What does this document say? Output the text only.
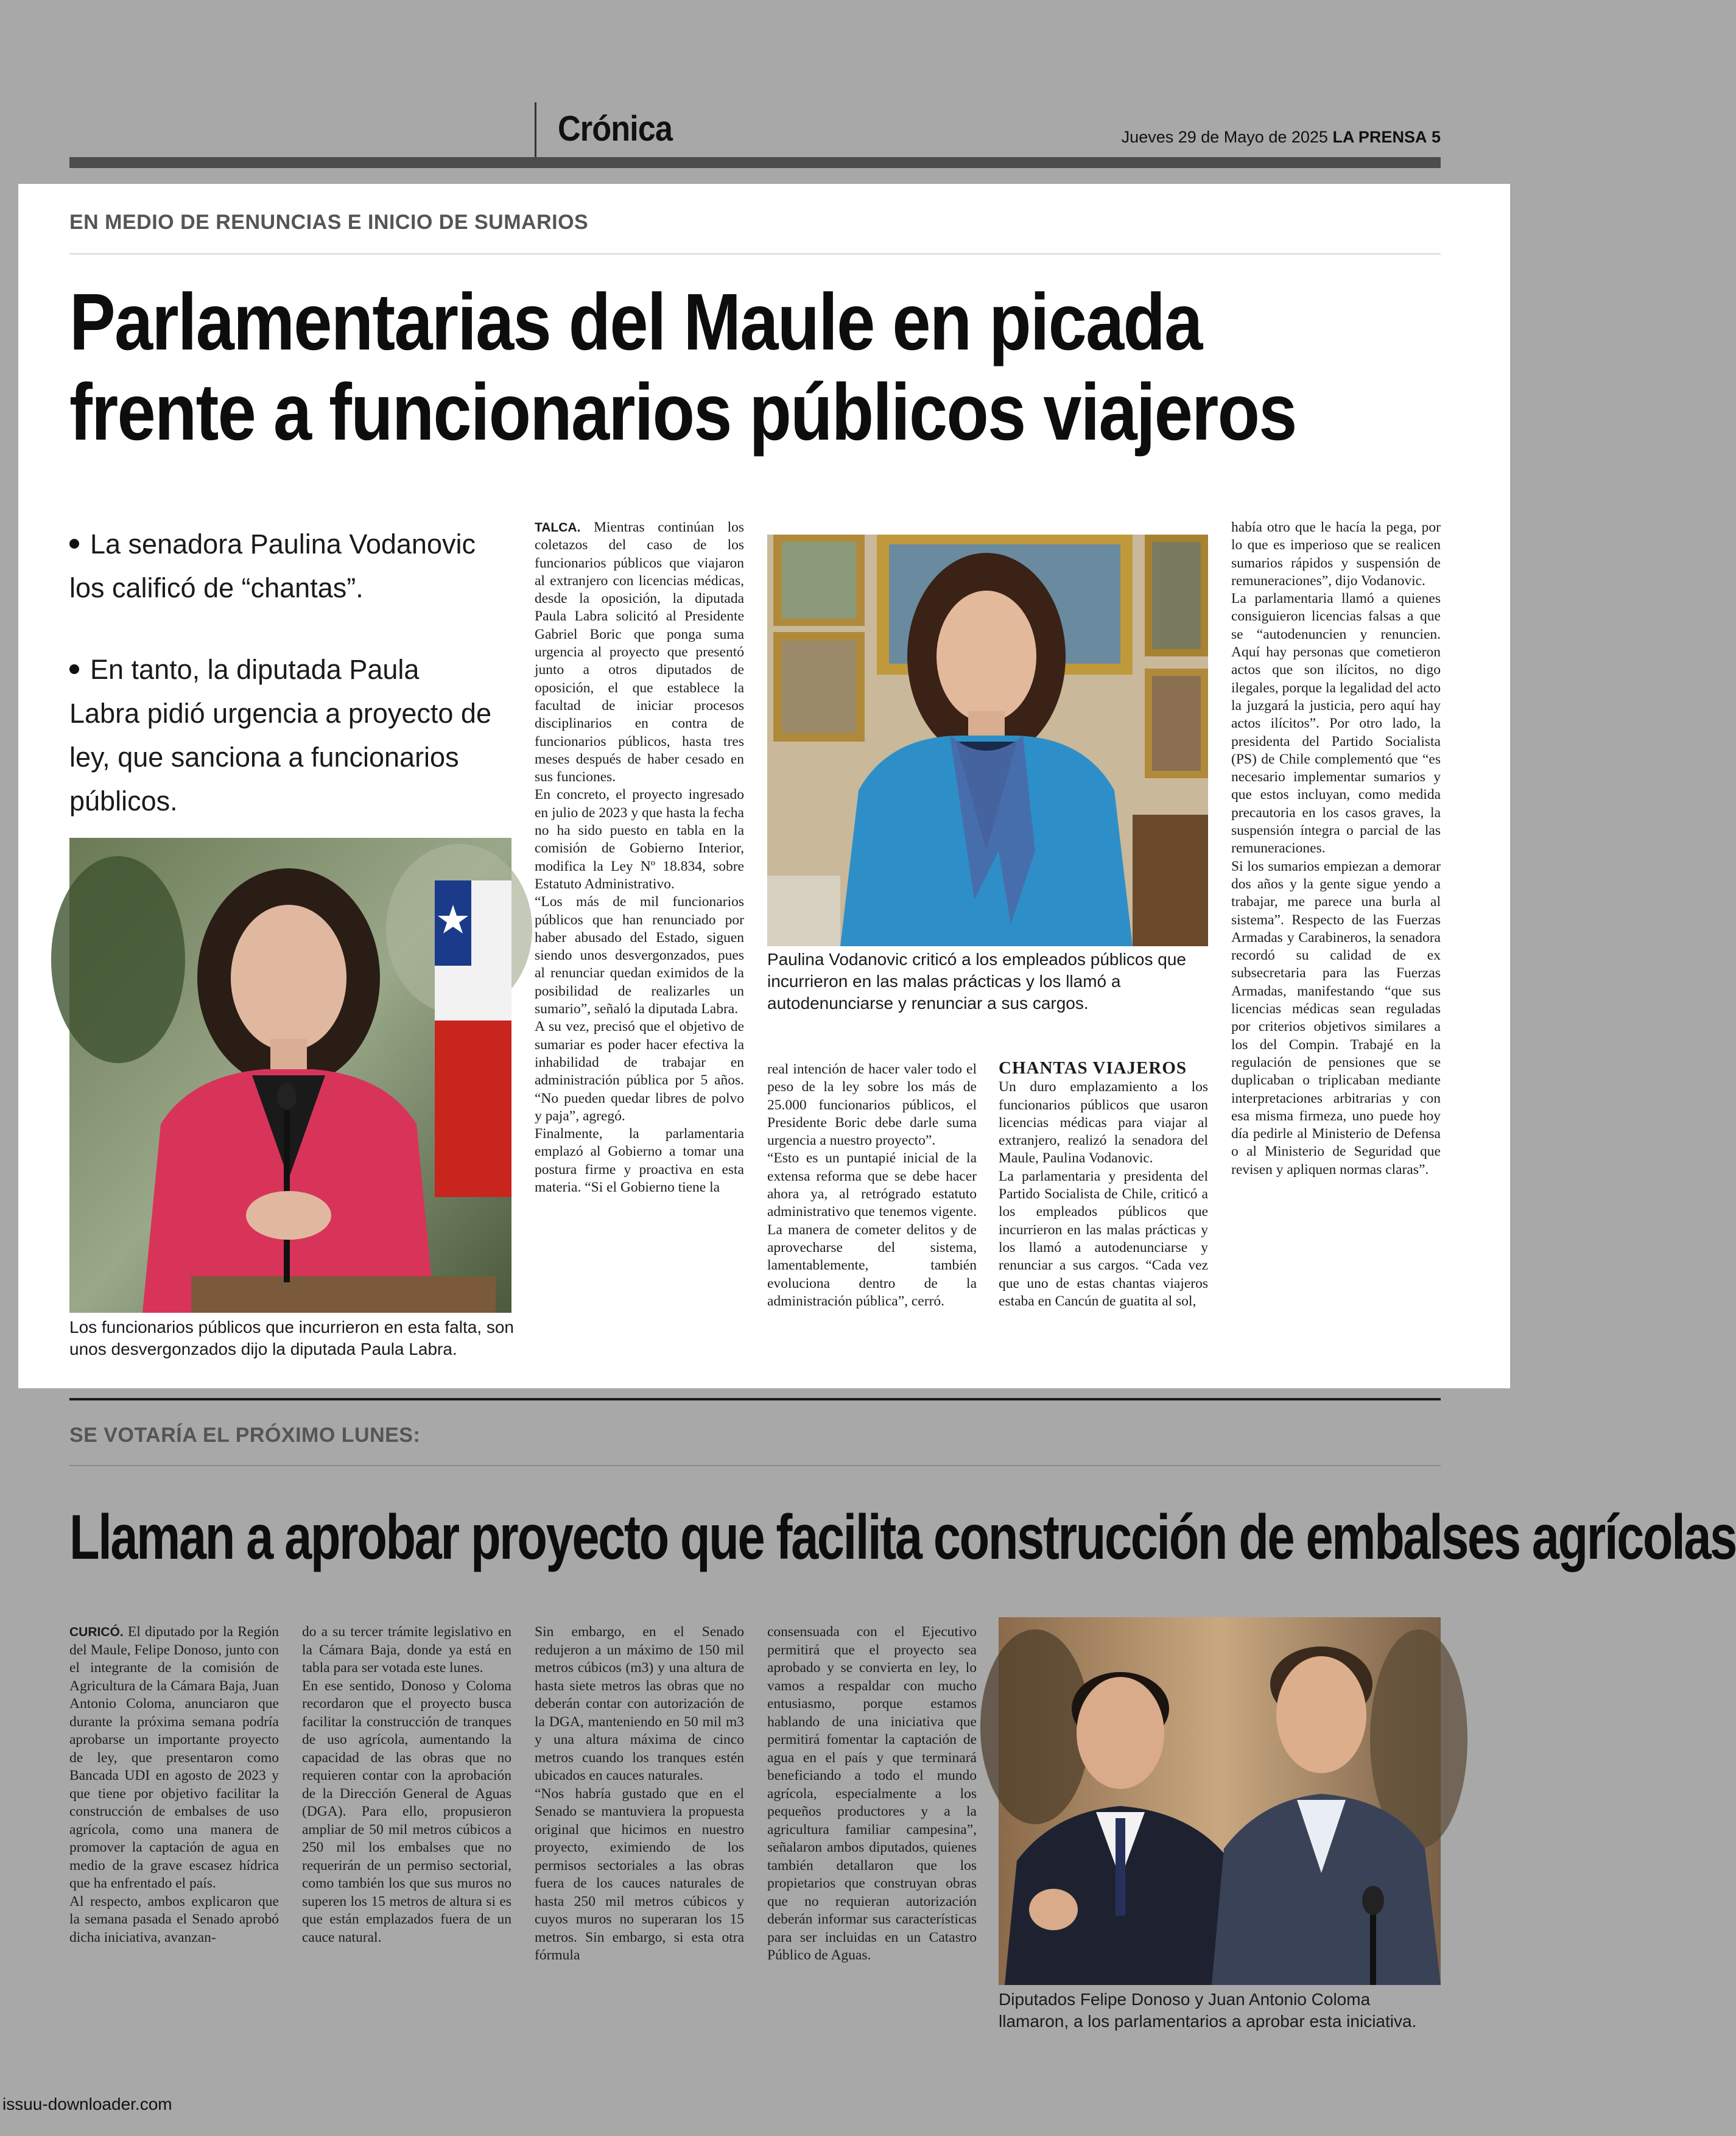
Crónica	Jueves 29 de Mayo de 2025 LA PRENSA 5
EN MEDIO DE RENUNCIAS E INICIO DE SUMARIOS
Parlamentarias del Maule en picada
frente a funcionarios públicos viajeros

La senadora Paulina Vodanovic los calificó de “chantas”.

En tanto, la diputada Paula Labra pidió urgencia a proyecto de ley, que sanciona a funcionarios públicos.

Los funcionarios públicos que incurrieron en esta falta, son unos desvergonzados dijo la diputada Paula Labra.

TALCA. Mientras continúan los coletazos del caso de los funcionarios públicos que viajaron al extranjero con licencias médicas, desde la oposición, la diputada Paula Labra solicitó al Presidente Gabriel Boric que ponga suma urgencia al proyecto que presentó junto a otros diputados de oposición, el que establece la facultad de iniciar procesos disciplinarios en contra de funcionarios públicos, hasta tres meses después de haber cesado en sus funciones.

En concreto, el proyecto ingresado en julio de 2023 y que hasta la fecha no ha sido puesto en tabla en la comisión de Gobierno Interior, modifica la Ley Nº 18.834, sobre Estatuto Administrativo.

“Los más de mil funcionarios públicos que han renunciado por haber abusado del Estado, siguen siendo unos desvergonzados, pues al renunciar quedan eximidos de la posibilidad de realizarles un sumario”, señaló la diputada Labra.

A su vez, precisó que el objetivo de sumariar es poder hacer efectiva la inhabilidad de trabajar en administración pública por 5 años. “No pueden quedar libres de polvo y paja”, agregó.

Finalmente, la parlamentaria emplazó al Gobierno a tomar una postura firme y proactiva en esta materia. “Si el Gobierno tiene la

Paulina Vodanovic criticó a los empleados públicos que incurrieron en las malas prácticas y los llamó a autodenunciarse y renunciar a sus cargos.

real intención de hacer valer todo el peso de la ley sobre los más de 25.000 funcionarios públicos, el Presidente Boric debe darle suma urgencia a nuestro proyecto”.

“Esto es un puntapié inicial de la extensa reforma que se debe hacer ahora ya, al retrógrado estatuto administrativo que tenemos vigente. La manera de cometer delitos y de aprovecharse del sistema, lamentablemente, también evoluciona dentro de la administración pública”, cerró.

CHANTAS VIAJEROS

Un duro emplazamiento a los funcionarios públicos que usaron licencias médicas para viajar al extranjero, realizó la senadora del Maule, Paulina Vodanovic.

La parlamentaria y presidenta del Partido Socialista de Chile, criticó a los empleados públicos que incurrieron en las malas prácticas y los llamó a autodenunciarse y renunciar a sus cargos. “Cada vez que uno de estas chantas viajeros estaba en Cancún de guatita al sol,

había otro que le hacía la pega, por lo que es imperioso que se realicen sumarios rápidos y suspensión de remuneraciones”, dijo Vodanovic.

La parlamentaria llamó a quienes consiguieron licencias falsas a que se “autodenuncien y renuncien. Aquí hay personas que cometieron actos que son ilícitos, no digo ilegales, porque la legalidad del acto la juzgará la justicia, pero aquí hay actos ilícitos”. Por otro lado, la presidenta del Partido Socialista (PS) de Chile complementó que “es necesario implementar sumarios y que estos incluyan, como medida precautoria en los casos graves, la suspensión íntegra o parcial de las remuneraciones.

Si los sumarios empiezan a demorar dos años y la gente sigue yendo a trabajar, me parece una burla al sistema”. Respecto de las Fuerzas Armadas y Carabineros, la senadora recordó su calidad de ex subsecretaria para las Fuerzas Armadas, manifestando “que sus licencias médicas sean reguladas por criterios objetivos similares a los del Compin. Trabajé en la regulación de pensiones que se duplicaban o triplicaban mediante interpretaciones arbitrarias y con esa misma firmeza, uno puede hoy día pedirle al Ministerio de Defensa o al Ministerio de Seguridad que revisen y apliquen normas claras”.

SE VOTARÍA EL PRÓXIMO LUNES:
Llaman a aprobar proyecto que facilita construcción de embalses agrícolas

CURICÓ. El diputado por la Región del Maule, Felipe Donoso, junto con el integrante de la comisión de Agricultura de la Cámara Baja, Juan Antonio Coloma, anunciaron que durante la próxima semana podría aprobarse un importante proyecto de ley, que presentaron como Bancada UDI en agosto de 2023 y que tiene por objetivo facilitar la construcción de embalses de uso agrícola, como una manera de promover la captación de agua en medio de la grave escasez hídrica que ha enfrentado el país.

Al respecto, ambos explicaron que la semana pasada el Senado aprobó dicha iniciativa, avanzan-

do a su tercer trámite legislativo en la Cámara Baja, donde ya está en tabla para ser votada este lunes.

En ese sentido, Donoso y Coloma recordaron que el proyecto busca facilitar la construcción de tranques de uso agrícola, aumentando la capacidad de las obras que no requieren contar con la aprobación de la Dirección General de Aguas (DGA). Para ello, propusieron ampliar de 50 mil metros cúbicos a 250 mil los embalses que no requerirán de un permiso sectorial, como también los que sus muros no superen los 15 metros de altura si es que están emplazados fuera de un cauce natural.

Sin embargo, en el Senado redujeron a un máximo de 150 mil metros cúbicos (m3) y una altura de hasta siete metros las obras que no deberán contar con autorización de la DGA, manteniendo en 50 mil m3 y una altura máxima de cinco metros cuando los tranques estén ubicados en cauces naturales.

“Nos habría gustado que en el Senado se mantuviera la propuesta original que hicimos en nuestro proyecto, eximiendo de los permisos sectoriales a las obras fuera de los cauces naturales de hasta 250 mil metros cúbicos y cuyos muros no superaran los 15 metros. Sin embargo, si esta otra fórmula

consensuada con el Ejecutivo permitirá que el proyecto sea aprobado y se convierta en ley, lo vamos a respaldar con mucho entusiasmo, porque estamos hablando de una iniciativa que permitirá fomentar la captación de agua en el país y que terminará beneficiando a todo el mundo agrícola, especialmente a los pequeños productores y a la agricultura familiar campesina”, señalaron ambos diputados, quienes también detallaron que los propietarios que construyan obras que no requieran autorización deberán informar sus características para ser incluidas en un Catastro Público de Aguas.

Diputados Felipe Donoso y Juan Antonio Coloma llamaron, a los parlamentarios a aprobar esta iniciativa.
issuu-downloader.com
